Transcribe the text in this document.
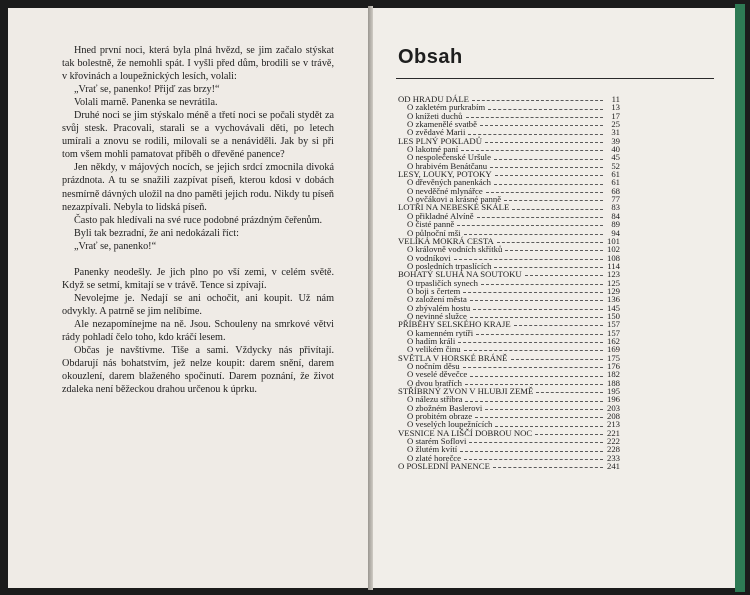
Hned první noci, která byla plná hvězd, se jim začalo stýskat tak bolestně, že nemohli spát. I vyšli před dům, brodili se v trávě, v křovinách a loupežnických lesích, volali:

„Vrať se, panenko! Přijď zas brzy!“

Volali marně. Panenka se nevrátila.

Druhé noci se jim stýskalo méně a třetí noci se počali stydět za svůj stesk. Pracovali, starali se a vychovávali děti, po letech umírali a znovu se rodili, milovali se a nenáviděli. Jak by si při tom všem mohli pamatovat příběh o dřevěné panence?

Jen někdy, v májových nocích, se jejich srdcí zmocnila divoká prázdnota. A tu se snažili zazpívat píseň, kterou kdosi v dobách nesmírně dávných uložil na dno paměti jejich rodu. Nikdy tu píseň nezazpívali. Nebyla to lidská píseň.

Často pak hledívali na své ruce podobné prázdným čeřenům.

Byli tak bezradní, že ani nedokázali říct:

„Vrať se, panenko!“

Panenky neodešly. Je jich plno po vší zemi, v celém světě. Když se setmí, kmitají se v trávě. Tence si zpívají.

Nevolejme je. Nedají se ani ochočit, ani koupit. Už nám odvykly. A patrně se jim nelíbíme.

Ale nezapomínejme na ně. Jsou. Schouleny na smrkové větvi rády pohladí čelo toho, kdo kráčí lesem.

Občas je navštívme. Tiše a sami. Vždycky nás přivítají. Obdarují nás bohatstvím, jež nelze koupit: darem snění, darem okouzlení, darem blaženého spočinutí. Darem poznání, že život zdaleka není běžeckou drahou určenou k úprku.

Obsah
OD HRADU DÁLE	11
O zakletém purkrabím	13
O knížeti duchů	17
O zkamenělé svatbě	25
O zvědavé Marii	31
LES PLNÝ POKLADŮ	39
O lakotné paní	40
O nespolečenské Uršule	45
O hrabivém Benátčanu	52
LESY, LOUKY, POTOKY	61
O dřevěných panenkách	61
O nevděčné mlynářce	68
O ovčákovi a krásné panně	77
LOTŘI NA NEBESKÉ SKÁLE	83
O přikladné Alvíně	84
O čisté panně	89
O půlnoční mši	94
VELIKÁ MOKRÁ CESTA	101
O královně vodních skřítků	102
O vodníkovi	108
O posledních trpaslících	114
BOHATÝ SLUHA NA SOUTOKU	123
O trpasličích synech	125
O boji s čertem	129
O založení města	136
O zbývalém hostu	145
O nevinné služce	150
PŘÍBĚHY SELSKÉHO KRAJE	157
O kamenném rytíři	157
O hadím králi	162
O velikém činu	169
SVĚTLA V HORSKÉ BRÁNĚ	175
O nočním děsu	176
O veselé děvečce	182
O dvou bratřích	188
STŘÍBRNÝ ZVON V HLUBJI ZEMĚ	195
O nálezu stříbra	196
O zbožném Baslerovi	203
O probitém obraze	208
O veselých loupežnících	213
VESNICE NA LIŠČÍ DOBROU NOC	221
O starém Soflovi	222
O žlutém kvítí	228
O zlaté horečce	233
O POSLEDNÍ PANENCE	241
